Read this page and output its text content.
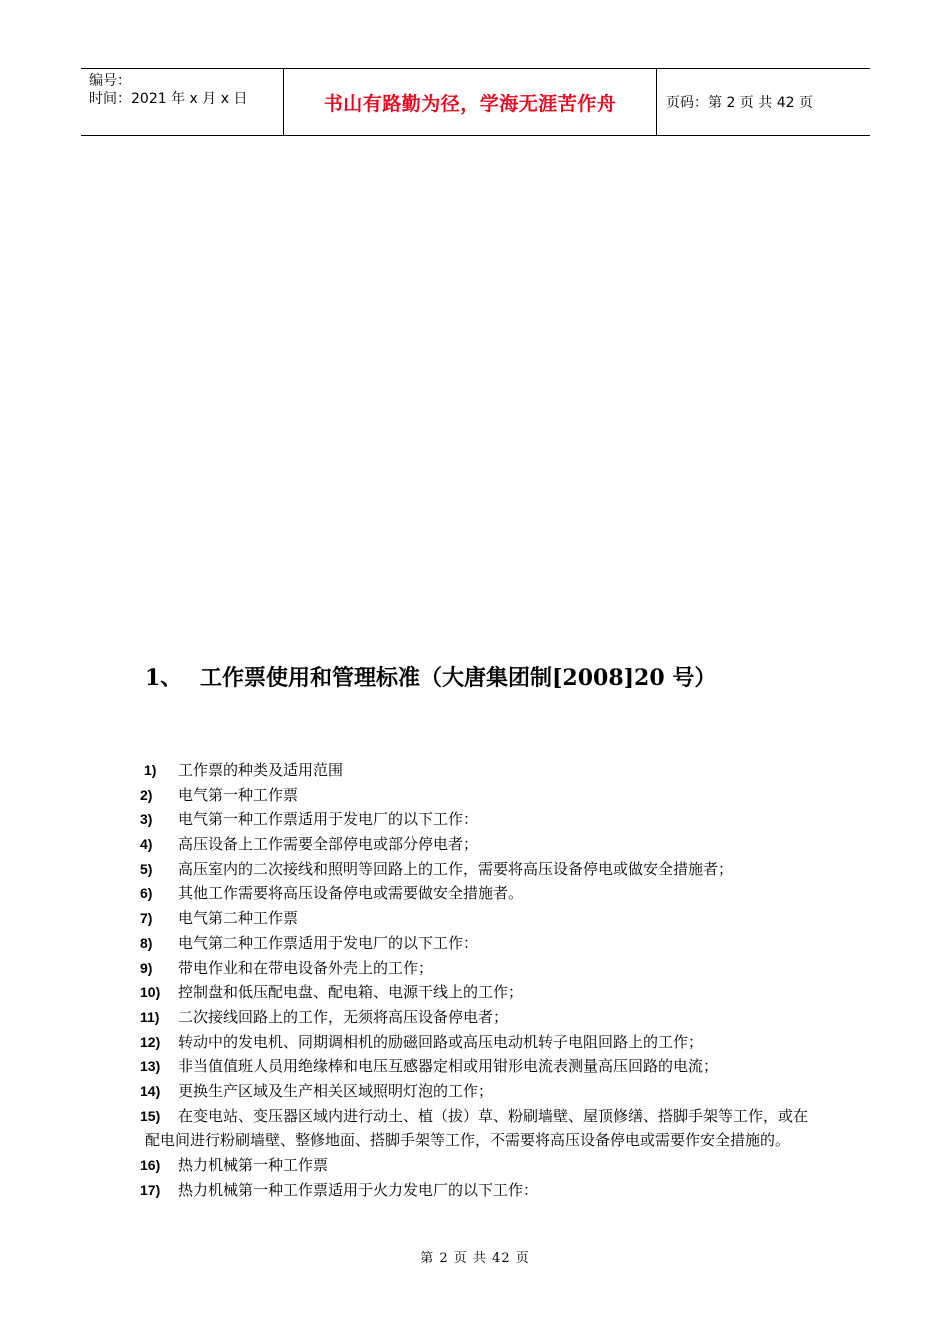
编号：
时间：2021 年 x 月 x 日	书山有路勤为径，学海无涯苦作舟	页码：第 2 页 共 42 页
1、 工作票使用和管理标准（大唐集团制[2008]20 号）
1) 工作票的种类及适用范围
2) 电气第一种工作票
3) 电气第一种工作票适用于发电厂的以下工作：
4) 高压设备上工作需要全部停电或部分停电者；
5) 高压室内的二次接线和照明等回路上的工作，需要将高压设备停电或做安全措施者；
6) 其他工作需要将高压设备停电或需要做安全措施者。
7) 电气第二种工作票
8) 电气第二种工作票适用于发电厂的以下工作：
9) 带电作业和在带电设备外壳上的工作；
10) 控制盘和低压配电盘、配电箱、电源干线上的工作；
11) 二次接线回路上的工作，无须将高压设备停电者；
12) 转动中的发电机、同期调相机的励磁回路或高压电动机转子电阻回路上的工作；
13) 非当值值班人员用绝缘棒和电压互感器定相或用钳形电流表测量高压回路的电流；
14) 更换生产区域及生产相关区域照明灯泡的工作；
15)	在变电站、变压器区域内进行动土、植（拔）草、粉刷墙壁、屋顶修缮、搭脚手架等工作，或在配电间进行粉刷墙壁、整修地面、搭脚手架等工作，不需要将高压设备停电或需要作安全措施的。
16) 热力机械第一种工作票
17) 热力机械第一种工作票适用于火力发电厂的以下工作：
第 2 页 共 42 页
